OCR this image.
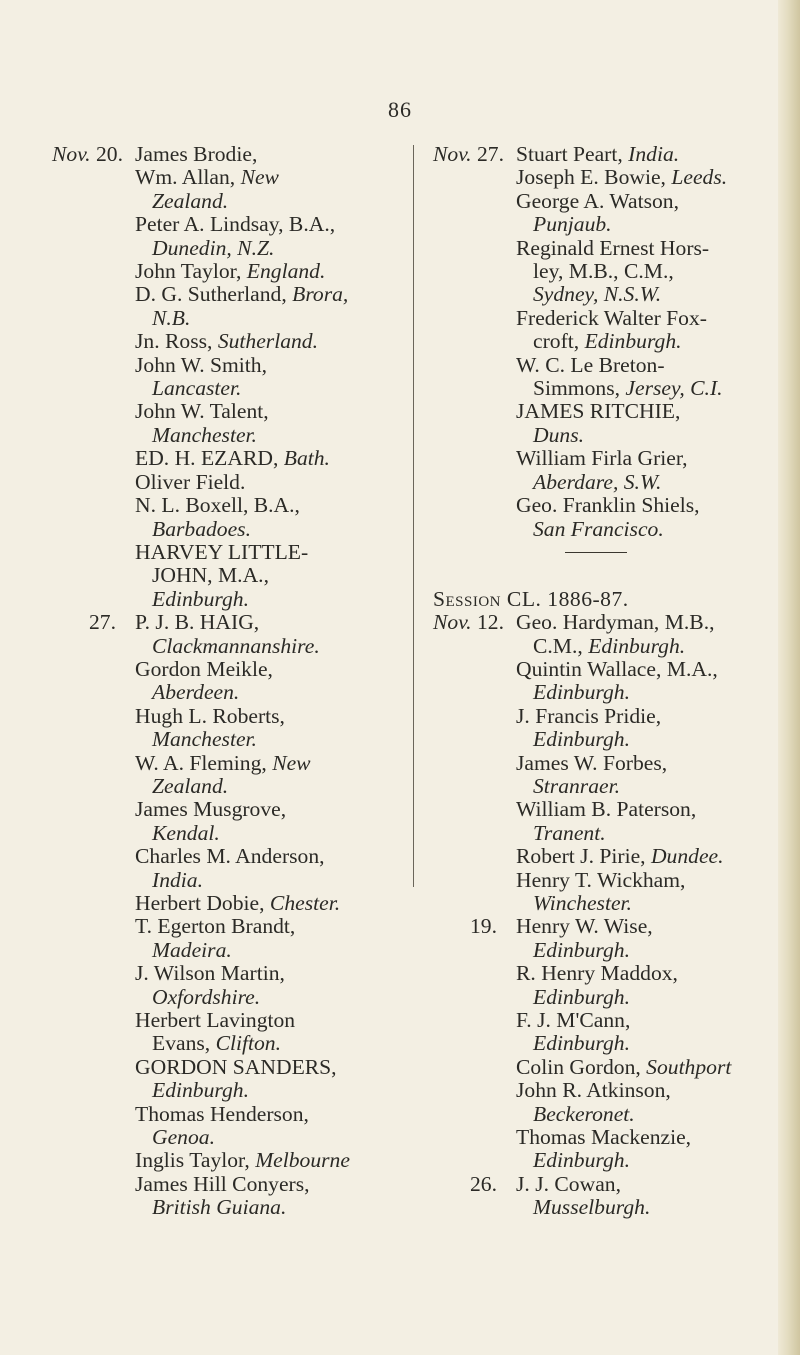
86
Nov. 20. James Brodie,
Wm. Allan, New
Zealand.
Peter A. Lindsay, B.A.,
Dunedin, N.Z.
John Taylor, England.
D. G. Sutherland, Brora,
N.B.
Jn. Ross, Sutherland.
John W. Smith,
Lancaster.
John W. Talent,
Manchester.
ED. H. EZARD, Bath.
Oliver Field.
N. L. Boxell, B.A.,
Barbadoes.
HARVEY LITTLE-
JOHN, M.A.,
Edinburgh.
27. P. J. B. HAIG,
Clackmannanshire.
Gordon Meikle,
Aberdeen.
Hugh L. Roberts,
Manchester.
W. A. Fleming, New
Zealand.
James Musgrove,
Kendal.
Charles M. Anderson,
India.
Herbert Dobie, Chester.
T. Egerton Brandt,
Madeira.
J. Wilson Martin,
Oxfordshire.
Herbert Lavington
Evans, Clifton.
GORDON SANDERS,
Edinburgh.
Thomas Henderson,
Genoa.
Inglis Taylor, Melbourne
James Hill Conyers,
British Guiana.
Nov. 27. Stuart Peart, India.
Joseph E. Bowie, Leeds.
George A. Watson,
Punjaub.
Reginald Ernest Hors-
ley, M.B., C.M.,
Sydney, N.S.W.
Frederick Walter Fox-
croft, Edinburgh.
W. C. Le Breton-
Simmons, Jersey, C.I.
JAMES RITCHIE,
Duns.
William Firla Grier,
Aberdare, S.W.
Geo. Franklin Shiels,
San Francisco.
Session CL. 1886-87.
Nov. 12. Geo. Hardyman, M.B.,
C.M., Edinburgh.
Quintin Wallace, M.A.,
Edinburgh.
J. Francis Pridie,
Edinburgh.
James W. Forbes,
Stranraer.
William B. Paterson,
Tranent.
Robert J. Pirie, Dundee.
Henry T. Wickham,
Winchester.
19. Henry W. Wise,
Edinburgh.
R. Henry Maddox,
Edinburgh.
F. J. M'Cann,
Edinburgh.
Colin Gordon, Southport
John R. Atkinson,
Beckeronet.
Thomas Mackenzie,
Edinburgh.
26. J. J. Cowan,
Musselburgh.
